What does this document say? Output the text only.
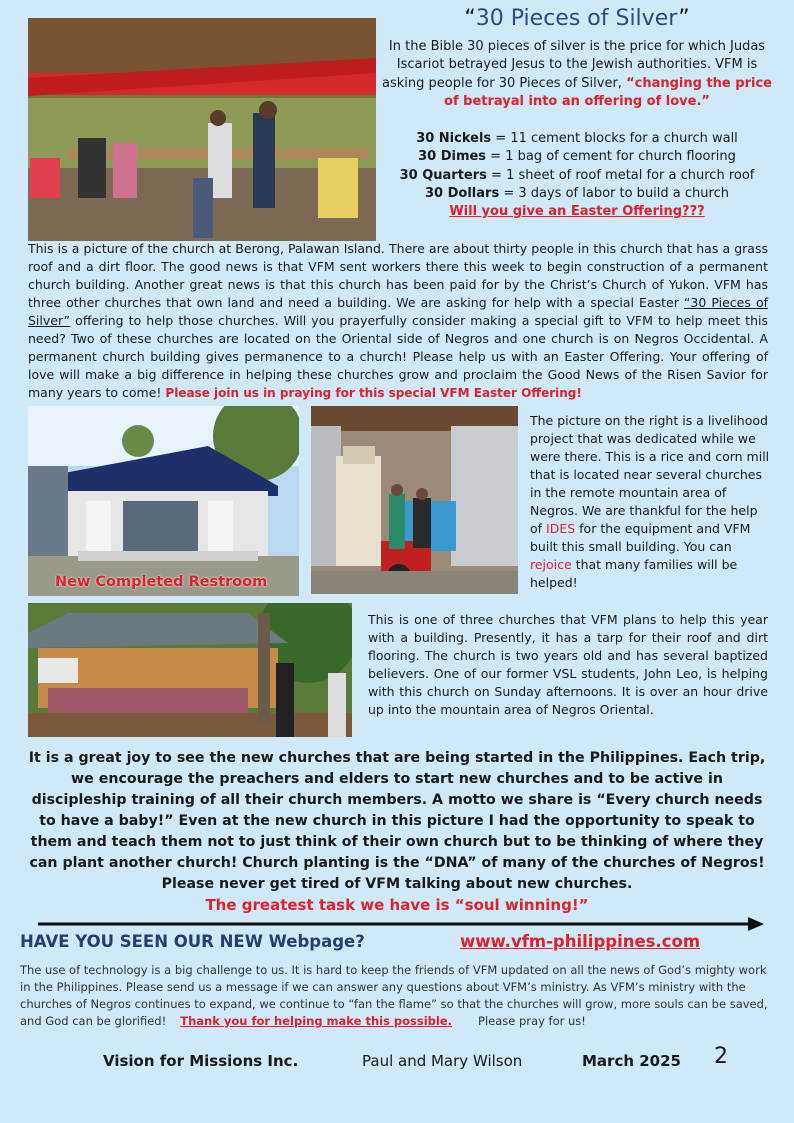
“30 Pieces of Silver”
In the Bible 30 pieces of silver is the price for which Judas Iscariot betrayed Jesus to the Jewish authorities. VFM is asking people for 30 Pieces of Silver, “changing the price of betrayal into an offering of love.”
30 Nickels = 11 cement blocks for a church wall
30 Dimes = 1 bag of cement for church flooring
30 Quarters = 1 sheet of roof metal for a church roof
30 Dollars = 3 days of labor to build a church
Will you give an Easter Offering???
This is a picture of the church at Berong, Palawan Island. There are about thirty people in this church that has a grass roof and a dirt floor. The good news is that VFM sent workers there this week to begin construction of a permanent church building. Another great news is that this church has been paid for by the Christ’s Church of Yukon. VFM has three other churches that own land and need a building. We are asking for help with a special Easter “30 Pieces of Silver” offering to help those churches. Will you prayerfully consider making a special gift to VFM to help meet this need? Two of these churches are located on the Oriental side of Negros and one church is on Negros Occidental. A permanent church building gives permanence to a church! Please help us with an Easter Offering. Your offering of love will make a big difference in helping these churches grow and proclaim the Good News of the Risen Savior for many years to come! Please join us in praying for this special VFM Easter Offering!
New Completed Restroom
The picture on the right is a livelihood project that was dedicated while we were there. This is a rice and corn mill that is located near several churches in the remote mountain area of Negros. We are thankful for the help of IDES for the equipment and VFM built this small building. You can rejoice that many families will be helped!
This is one of three churches that VFM plans to help this year with a building. Presently, it has a tarp for their roof and dirt flooring. The church is two years old and has several baptized believers. One of our former VSL students, John Leo, is helping with this church on Sunday afternoons. It is over an hour drive up into the mountain area of Negros Oriental.
It is a great joy to see the new churches that are being started in the Philippines. Each trip, we encourage the preachers and elders to start new churches and to be active in discipleship training of all their church members. A motto we share is “Every church needs to have a baby!” Even at the new church in this picture I had the opportunity to speak to them and teach them not to just think of their own church but to be thinking of where they can plant another church! Church planting is the “DNA” of many of the churches of Negros!
Please never get tired of VFM talking about new churches.
The greatest task we have is “soul winning!”
HAVE YOU SEEN OUR NEW Webpage?	www.vfm-philippines.com
The use of technology is a big challenge to us. It is hard to keep the friends of VFM updated on all the news of God’s mighty work in the Philippines. Please send us a message if we can answer any questions about VFM’s ministry. As VFM’s ministry with the churches of Negros continues to expand, we continue to “fan the flame” so that the churches will grow, more souls can be saved, and God can be glorified! Thank you for helping make this possible. Please pray for us!
Vision for Missions Inc.	Paul and Mary Wilson	March 2025 2
